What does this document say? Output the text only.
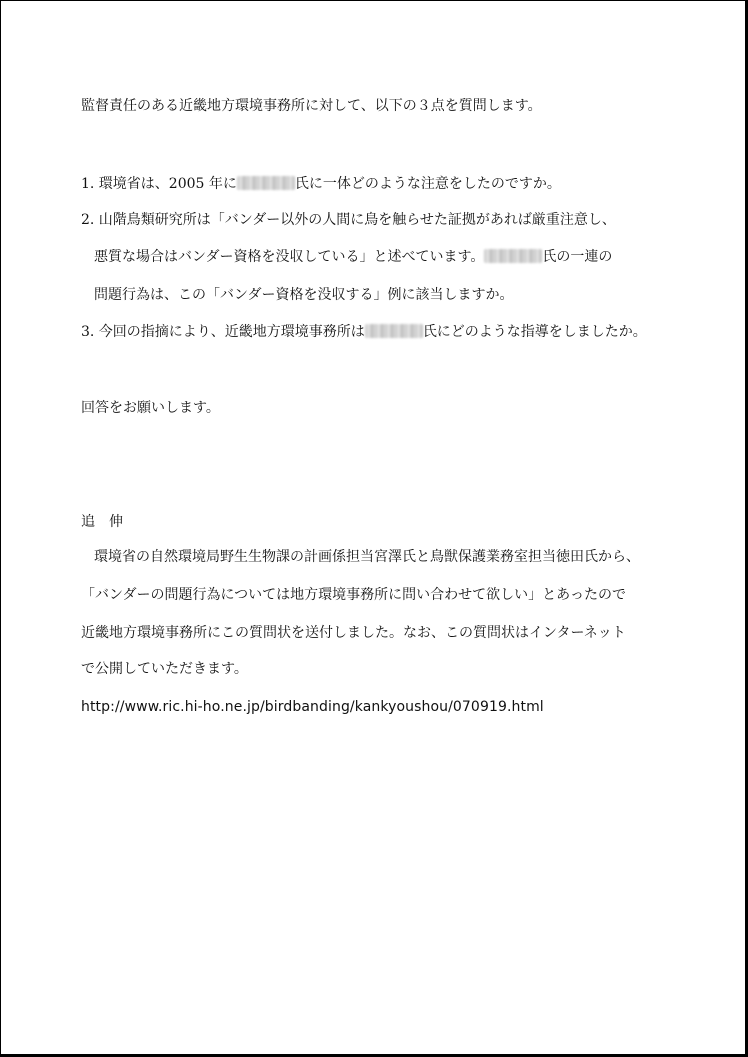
監督責任のある近畿地方環境事務所に対して、以下の３点を質問します。
1. 環境省は、2005 年に	氏に一体どのような注意をしたのですか。
2. 山階鳥類研究所は「バンダー以外の人間に鳥を触らせた証拠があれば厳重注意し、
悪質な場合はバンダー資格を没収している」と述べています。	氏の一連の
問題行為は、この「バンダー資格を没収する」例に該当しますか。
3. 今回の指摘により、近畿地方環境事務所は	氏にどのような指導をしましたか。
回答をお願いします。
追　伸
環境省の自然環境局野生生物課の計画係担当宮澤氏と鳥獣保護業務室担当徳田氏から、
「バンダーの問題行為については地方環境事務所に問い合わせて欲しい」とあったので
近畿地方環境事務所にこの質問状を送付しました。なお、この質問状はインターネット
で公開していただきます。
http://www.ric.hi-ho.ne.jp/birdbanding/kankyoushou/070919.html
